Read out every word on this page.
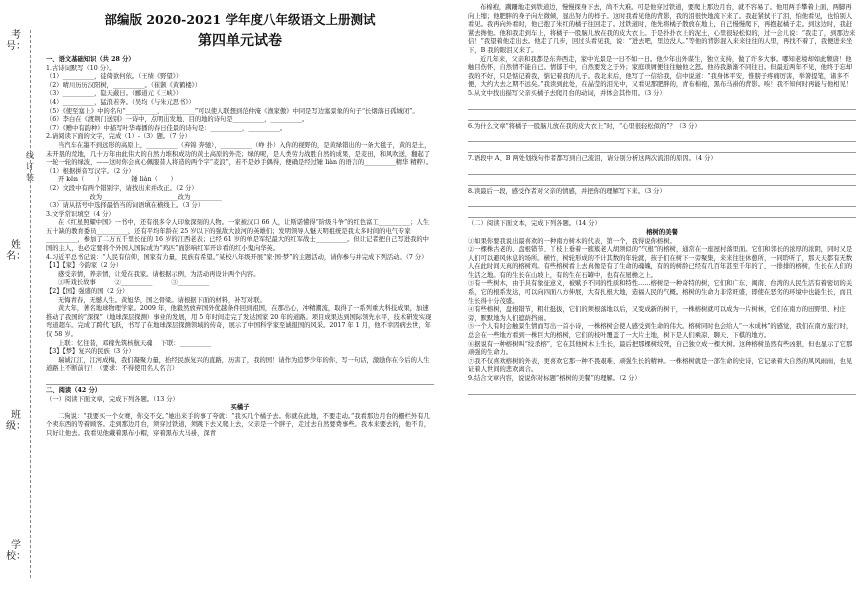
考号：
姓名：
班级：
学校：
线 订 装
部编版 2020-2021 学年度八年级语文上册测试
第四单元试卷

一、语文基础知识（共 28 分）

1.古诗词默写（10 分）。

（1）__________，徒倚欲何依。（王绩《野望》）

（2）晴川历历汉阳树，__________。（崔颢《黄鹤楼》）

（3）__________，隐天蔽日。（郦道元《三峡》）

（4）__________，猛浪若奔。（吴均《与朱元思书》）

（5）《使至塞上》中的名句“__________，__________”可以使人联想到范仲淹《渔家傲》中同是写边塞景象的句子“长烟落日孤城闭”。

（6）李白在《渡荆门送别》一诗中，点明出发地、目的地的诗句是__________，__________。

（7）《赠中有韵种》中描写叶华毒播的春日佳景的诗句是：__________，__________。

2.请阅读下面的文字，完成（1）-（3）题。（7 分）

当汽车在墨不到远形的高原上，__________（弃锦 奔驰），__________（峥 扑）入你的视野的，是黄绿错出的一条大毯子，黄的是土，未开垦的荒地，几十万年由此伟大的自然力堆积成功的黄土高原的外壳；绿的呢，是人类劳力战胜自然的成果，是麦田，和风吹送，翻起了一轮一轮的绿波，——这时你会真心佩服昔人将造的两个字“麦浪”，若不是妙手偶得，便确是经过锤 liàn 的语言的__________精华 精粹）。

（1）根据拼音写汉字。（2 分）

开 kěn（　　）　　　　　锤 liàn（　　）

（2）文段中有两个错别字，请找出来并改正。（2 分）

__________改为__________　　__________改为__________

（3）请从括号中选择最恰当的词语填在横线上。（3 分）

3.文学常识填空（4 分）

在《红星照耀中国》一书中，还有很多令人印象深刻的人物。一家被汉口 66 人，让斯诺懂得“阶级斗争”的红色富工__________；人生五十缺的教育委员__________，还有平均年龄在 25 岁以下的强敌大波河的英雄们；发明领导人魅天明祖统是我太多时间的电气专家__________，参加了二万五千里长征的 16 岁的江西老表；已经 61 岁的单是军纪最大的红军战士__________。但让记者把自己写进我的中国的主人，也必定要将个外国人国际成为“鸡匹”面影响红军开诊看的红小鬼向华英。

4.习近平总书记说：“人民有信仰，国家有力量，民族有希望。”某校八年级开展“家·国·梦”的主题活动，请你参与并完成下列活动。（7 分）

【1】【家】今韵家（2 分）

感受亲情，养亲情，让爱在我家。请根据示例，为活动再设计两个内容。

①听戏长故事　　　②__________　　　③__________

【2】【国】强盛的国（2 分）

无悔青春，无憾人生。黄旭华，国之骨梁。请根据下面的材料，补写对联。

黄大年，著名地球物理学家。2009 年，他毅然放弃国外优越条件回到祖国，在那出心，冲精潮流，取得了一系列重大科技成果，加速推动了我国的“深探”（地球深层探测）事业的发展，用 5 年时间走完了发达国家 20 年的道路。项目成果达到国际领先水平，技术研发实现弯道超车。完成了跨代飞跃，书写了在地球深层探测领域的传奇，展示了中国科学家至诚报国的风采。2017 年 1 月，他不幸因病去世，年仅 58 岁。

上联：忆往昔，邓稼先筑核航天魂 　下联：__________

【3】【梦】复兴的民族（3 分）

瑞诚江江，江河成梅，我们凝聚力量，抬经民族复兴的直路，历害了，我的国！请作为追梦少年的你，写一句话，激励你在今后的人生道路上不断前行！（要求：不得使用名人名言）

二、阅读（42 分）

（一）阅读下面文章，完成下列各题。（13 分）

买橘子

二狗说：“我要买一个女赛，你交不交。”她出来手的事了夸就：“我买几个橘子去。你就在此地，不要走动。”我看那边月台的栅栏外有几个卖东西的等着顾客。走到那边月台，须穿过铁道，须跳下去又爬上去，父亲是一个胖子，走过去自然要费事些。我本来要去的，他不肯，只好让他去。我看见他戴着黑布小帽，穿着黑布大马褂，深青

布棉袍，蹒跚地走到铁道边，慢慢探身下去，尚不大难。可是他穿过铁道，要爬上那边月台，就不容易了。他用两手攀着上面，两脚再向上缩；他肥胖的身子向左微倾，显出努力的样子。这时我看见他的背影，我的泪很快地流下来了。我赶紧拭干了泪，怕他看见，也怕别人看见。我再向外看时，他已抱了朱红的橘子往回走了。过铁道时，他先将橘子散放在地上，自己慢慢爬下，再抱起橘子走。到这边时，我赶紧去搀他。他和我走到车上，将橘子一股脑儿放在我的皮大衣上。于是扑扑衣上的泥土，心里很轻松似的，过一会儿说：“我走了，到那边来信！”我望着他走出去。他走了几步，回过头看见我，说：“进去吧，里边没人。”等他的背影混入来来往往的人里，再找不着了，我便进来坐下，B 我的眼泪又来了。

近几年来，父亲和我都是东奔西走，家中光景是一日不如一日。他少年出外谋生，独立支持，做了许多大事。哪知老境却如此颓唐！他触目伤怀，自然情不能自已。情郁于中，自然要发之于外；家庭琐屑便往往触他之怒。他待我渐渐不同往日。但最近两年不见，他终于忘却我的不好，只是惦记着我，惦记着我的儿子。我北来后，他写了一信给我，信中说道：“我身体平安，惟膀子疼痛厉害，举箸提笔，诸多不便，大约大去之期不远矣。”我读到此处，在晶莹的泪光中，又看见那肥胖的，青布棉袍，黑布马褂的背影。唉！我不知何时再能与他相见！

5.从文中找出描写父亲买橘子去爬月台的动词，并体会其作用。（3 分）

6.为什么文章“将橘子一股脑儿放在我的皮大衣上”时，“心里很轻松似的”？（3 分）

7.语段中 A、B 两处划线句作者都写到自己流泪，请分别分析这两次流泪的原因。（4 分）

8.读最后一段，感受作者对父亲的情感，并把你的理解写下来。（3 分）

（二）阅读下面文本，完成下列各题。（14 分）

榕树的美餐

①如果你要我说出最喜欢的一种南方树木的代表，第一个，我得说你榕树。

②一棵株古老的、盘根错节、丫枝上垂着一簇簇老人胡须似的“气根”的榕树，通常在一座屋村落里面。它们和邻长的浓厚的浓阴，同时又是人们可以避风休息的场所。横竹，树轮形成的不计其数的年轮就，孩子们在树下一旁聚集，来来往往休憩所，一同聆听了，那天天都有无数人在此时间天真的榕树鸡。有些榕树看上去真像是有了生命的魂魄，有的的树龄已经有几百年甚至千年的了，一排排的榕树，生长在人们的生活之地。有的生长在山坡上，有的生在石罅中，也有在屋檐之上。

③有一些树木，由于具有象征意义，被赋予不同的性质和特性……榕树是一种奇特的树，它们和广东、闽南、台湾的人民生活有着密切的关系，它的根系发达，可以向四面八方伸展，大有扎根大地，造福人民的气概。榕树的生命力非常旺盛，即使在恶劣的环境中也能生长，而且生长得十分茂盛。

④有些榕树，盘根错节，粗壮挺拔，它们的须根落地以后，又变成新的树干，一株榕树就可以成为一片树林，它们在南方的田野里、村庄旁，默默地为人们遮荫挡雨。

⑤一个人有时会触景生情而写出一首小诗，一株榕树会使人感受到生命的伟大。榕树同时也会给人“一木成林”的感觉，我们在南方旅行时，总会在一些地方看到一株巨大的榕树，它们的枝叶覆盖了一大片土地，树下是人们乘凉、聊天、下棋的地方。

⑥据说有一种榕树叫“绞杀榕”，它在其他树木上生长，最后把那棵树绞死，自己独立成一棵大树。这种榕树虽然有些凶狠，但也显示了它那顽强的生命力。

⑦我不仅喜欢榕树的外表，更喜欢它那一种不畏艰难、顽强生长的精神。一株榕树就是一部生命的史诗，它记录着大自然的风风雨雨，也见证着人世间的悲欢离合。

9.结合文章内容，说说你对标题“榕树的美餐”的理解。（2 分）
